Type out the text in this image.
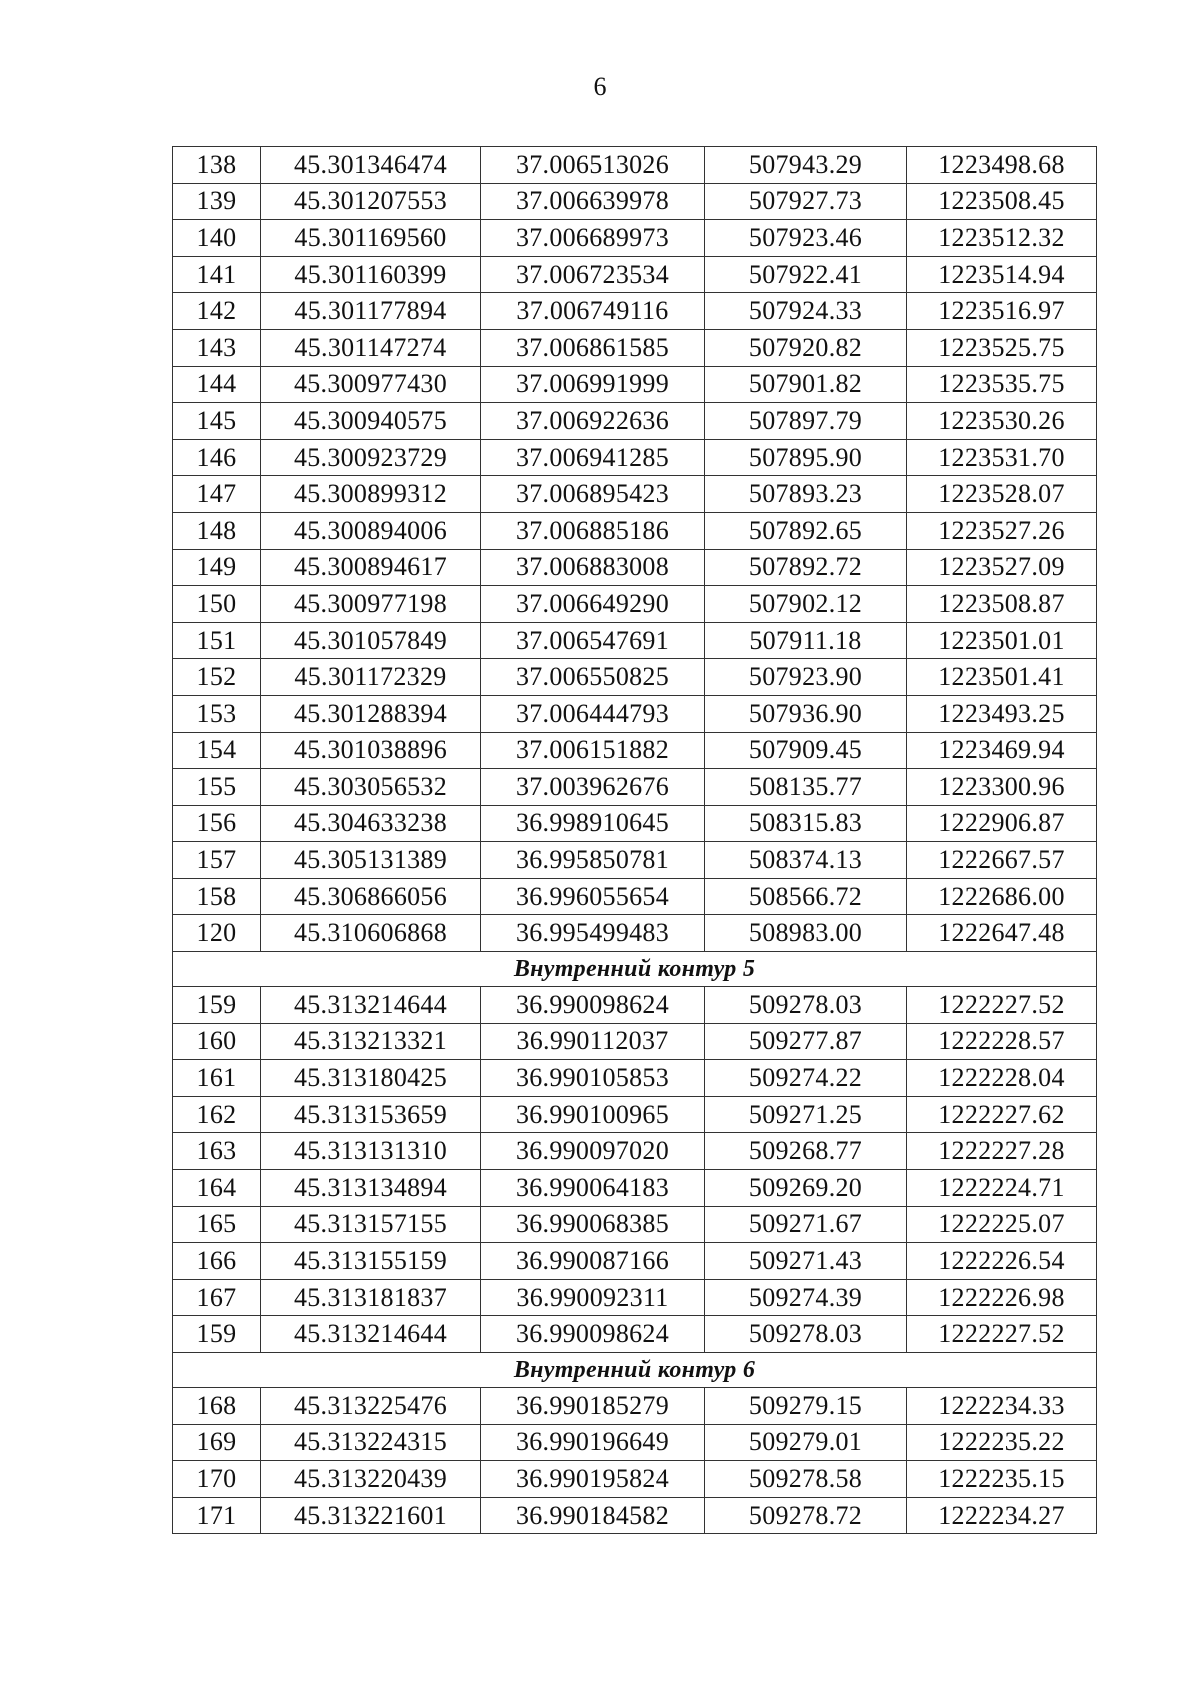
6
138	45.301346474	37.006513026	507943.29	1223498.68
139	45.301207553	37.006639978	507927.73	1223508.45
140	45.301169560	37.006689973	507923.46	1223512.32
141	45.301160399	37.006723534	507922.41	1223514.94
142	45.301177894	37.006749116	507924.33	1223516.97
143	45.301147274	37.006861585	507920.82	1223525.75
144	45.300977430	37.006991999	507901.82	1223535.75
145	45.300940575	37.006922636	507897.79	1223530.26
146	45.300923729	37.006941285	507895.90	1223531.70
147	45.300899312	37.006895423	507893.23	1223528.07
148	45.300894006	37.006885186	507892.65	1223527.26
149	45.300894617	37.006883008	507892.72	1223527.09
150	45.300977198	37.006649290	507902.12	1223508.87
151	45.301057849	37.006547691	507911.18	1223501.01
152	45.301172329	37.006550825	507923.90	1223501.41
153	45.301288394	37.006444793	507936.90	1223493.25
154	45.301038896	37.006151882	507909.45	1223469.94
155	45.303056532	37.003962676	508135.77	1223300.96
156	45.304633238	36.998910645	508315.83	1222906.87
157	45.305131389	36.995850781	508374.13	1222667.57
158	45.306866056	36.996055654	508566.72	1222686.00
120	45.310606868	36.995499483	508983.00	1222647.48
Внутренний контур 5				
159	45.313214644	36.990098624	509278.03	1222227.52
160	45.313213321	36.990112037	509277.87	1222228.57
161	45.313180425	36.990105853	509274.22	1222228.04
162	45.313153659	36.990100965	509271.25	1222227.62
163	45.313131310	36.990097020	509268.77	1222227.28
164	45.313134894	36.990064183	509269.20	1222224.71
165	45.313157155	36.990068385	509271.67	1222225.07
166	45.313155159	36.990087166	509271.43	1222226.54
167	45.313181837	36.990092311	509274.39	1222226.98
159	45.313214644	36.990098624	509278.03	1222227.52
Внутренний контур 6				
168	45.313225476	36.990185279	509279.15	1222234.33
169	45.313224315	36.990196649	509279.01	1222235.22
170	45.313220439	36.990195824	509278.58	1222235.15
171	45.313221601	36.990184582	509278.72	1222234.27
